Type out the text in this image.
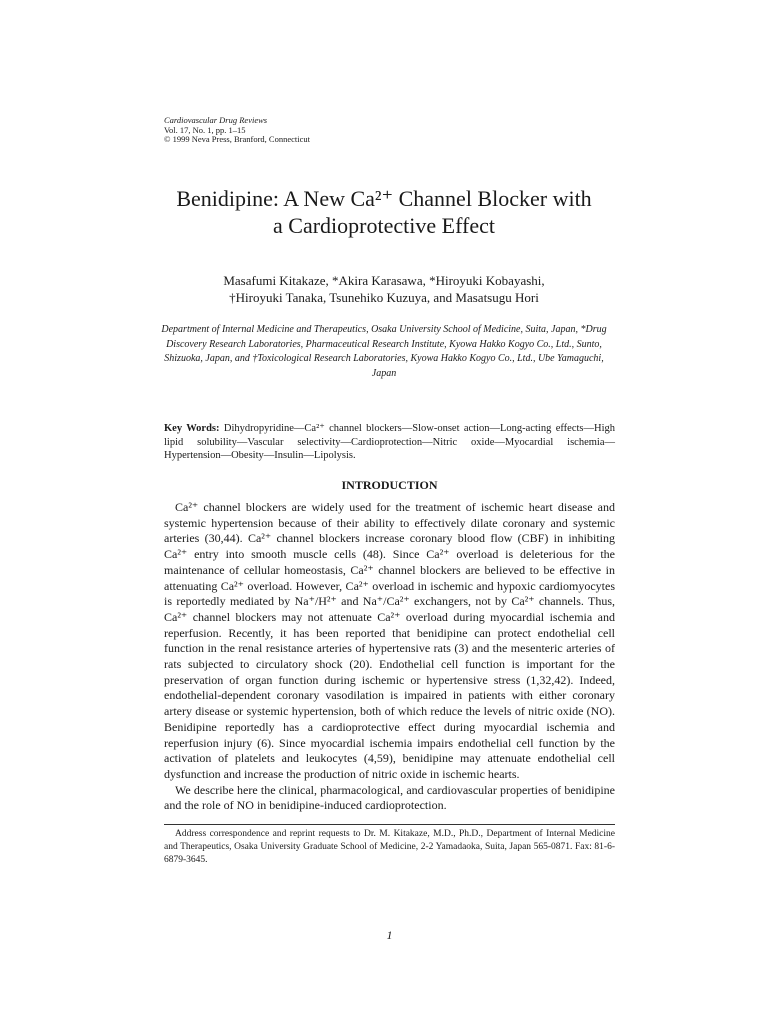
Cardiovascular Drug Reviews
Vol. 17, No. 1, pp. 1–15
© 1999 Neva Press, Branford, Connecticut
Benidipine: A New Ca²⁺ Channel Blocker with
a Cardioprotective Effect
Masafumi Kitakaze, *Akira Karasawa, *Hiroyuki Kobayashi,
†Hiroyuki Tanaka, Tsunehiko Kuzuya, and Masatsugu Hori
Department of Internal Medicine and Therapeutics, Osaka University School of Medicine, Suita, Japan, *Drug Discovery Research Laboratories, Pharmaceutical Research Institute, Kyowa Hakko Kogyo Co., Ltd., Sunto, Shizuoka, Japan, and †Toxicological Research Laboratories, Kyowa Hakko Kogyo Co., Ltd., Ube Yamaguchi, Japan
Key Words: Dihydropyridine—Ca²⁺ channel blockers—Slow-onset action—Long-acting effects—High lipid solubility—Vascular selectivity—Cardioprotection—Nitric oxide—Myocardial ischemia—Hypertension—Obesity—Insulin—Lipolysis.
INTRODUCTION

Ca²⁺ channel blockers are widely used for the treatment of ischemic heart disease and systemic hypertension because of their ability to effectively dilate coronary and systemic arteries (30,44). Ca²⁺ channel blockers increase coronary blood flow (CBF) in inhibiting Ca²⁺ entry into smooth muscle cells (48). Since Ca²⁺ overload is deleterious for the maintenance of cellular homeostasis, Ca²⁺ channel blockers are believed to be effective in attenuating Ca²⁺ overload. However, Ca²⁺ overload in ischemic and hypoxic cardiomyocytes is reportedly mediated by Na⁺/H²⁺ and Na⁺/Ca²⁺ exchangers, not by Ca²⁺ channels. Thus, Ca²⁺ channel blockers may not attenuate Ca²⁺ overload during myocardial ischemia and reperfusion. Recently, it has been reported that benidipine can protect endothelial cell function in the renal resistance arteries of hypertensive rats (3) and the mesenteric arteries of rats subjected to circulatory shock (20). Endothelial cell function is important for the preservation of organ function during ischemic or hypertensive stress (1,32,42). Indeed, endothelial-dependent coronary vasodilation is impaired in patients with either coronary artery disease or systemic hypertension, both of which reduce the levels of nitric oxide (NO). Benidipine reportedly has a cardioprotective effect during myocardial ischemia and reperfusion injury (6). Since myocardial ischemia impairs endothelial cell function by the activation of platelets and leukocytes (4,59), benidipine may attenuate endothelial cell dysfunction and increase the production of nitric oxide in ischemic hearts.

We describe here the clinical, pharmacological, and cardiovascular properties of benidipine and the role of NO in benidipine-induced cardioprotection.

Address correspondence and reprint requests to Dr. M. Kitakaze, M.D., Ph.D., Department of Internal Medicine and Therapeutics, Osaka University Graduate School of Medicine, 2-2 Yamadaoka, Suita, Japan 565-0871. Fax: 81-6-6879-3645.

1
